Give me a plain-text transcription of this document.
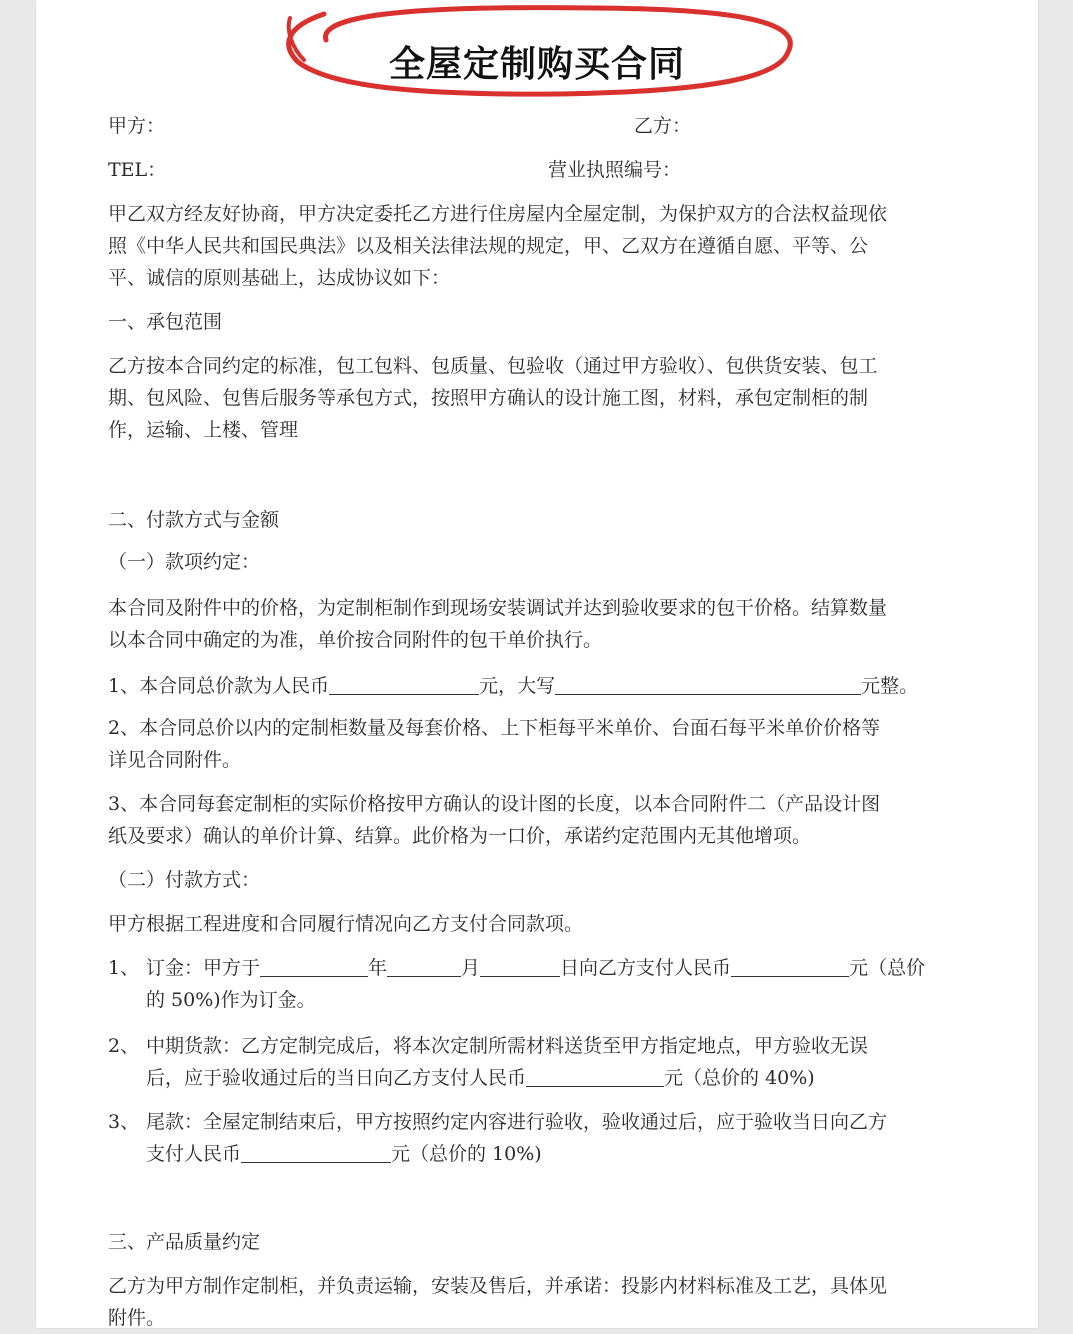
全屋定制购买合同
甲方：	乙方：
TEL：	营业执照编号：
甲乙双方经友好协商，甲方决定委托乙方进行住房屋内全屋定制，为保护双方的合法权益现依
照《中华人民共和国民典法》以及相关法律法规的规定，甲、乙双方在遵循自愿、平等、公
平、诚信的原则基础上，达成协议如下：
一、承包范围
乙方按本合同约定的标准，包工包料、包质量、包验收（通过甲方验收）、包供货安装、包工
期、包风险、包售后服务等承包方式，按照甲方确认的设计施工图，材料，承包定制柜的制
作，运输、上楼、管理
二、付款方式与金额
（一）款项约定：
本合同及附件中的价格，为定制柜制作到现场安装调试并达到验收要求的包干价格。结算数量
以本合同中确定的为准，单价按合同附件的包干单价执行。
1、本合同总价款为人民币	元，大写	元整。
2、本合同总价以内的定制柜数量及每套价格、上下柜每平米单价、台面石每平米单价价格等
详见合同附件。
3、本合同每套定制柜的实际价格按甲方确认的设计图的长度，以本合同附件二（产品设计图
纸及要求）确认的单价计算、结算。此价格为一口价，承诺约定范围内无其他增项。
（二）付款方式：
甲方根据工程进度和合同履行情况向乙方支付合同款项。
1、 订金：甲方于	年	月	日向乙方支付人民币	元（总价
的 50%)作为订金。
2、 中期货款：乙方定制完成后，将本次定制所需材料送货至甲方指定地点，甲方验收无误
后，应于验收通过后的当日向乙方支付人民币	元（总价的 40%)
3、 尾款：全屋定制结束后，甲方按照约定内容进行验收，验收通过后，应于验收当日向乙方
支付人民币	元（总价的 10%)
三、产品质量约定
乙方为甲方制作定制柜，并负责运输，安装及售后，并承诺：投影内材料标准及工艺，具体见
附件。
